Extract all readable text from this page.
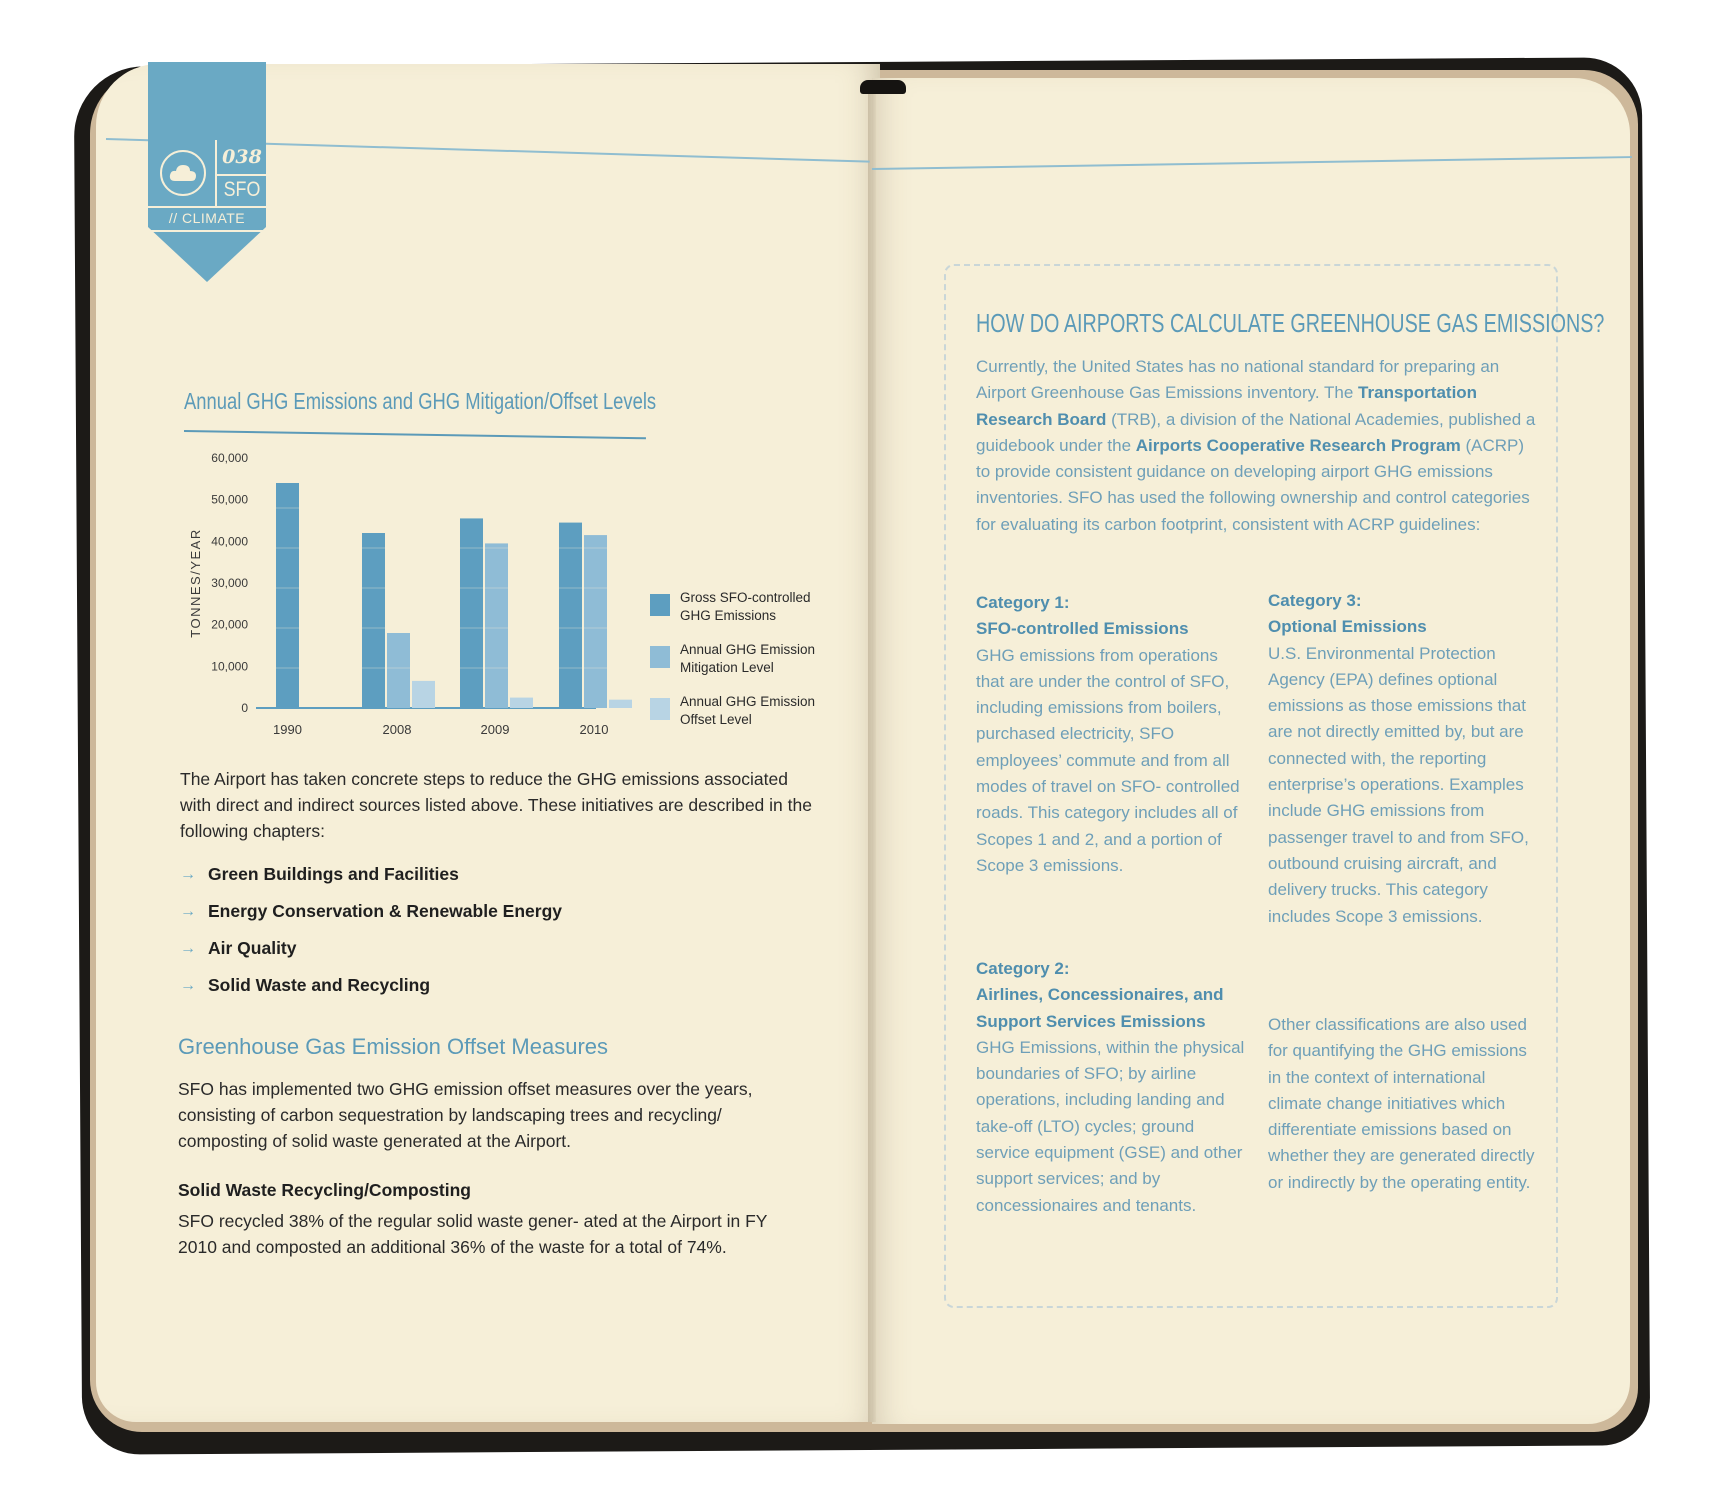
038
SFO
// CLIMATE
Annual GHG Emissions and GHG Mitigation/Offset Levels
60,000
50,000
40,000
30,000
20,000
10,000
0
TONNES/YEAR
1990	2008	2009	2010
Gross SFO-controlled
GHG Emissions
Annual GHG Emission
Mitigation Level
Annual GHG Emission
Offset Level
The Airport has taken concrete steps to reduce the GHG emissions associated with direct and indirect sources listed above. These initiatives are described in the following chapters:
→ Green Buildings and Facilities
→ Energy Conservation & Renewable Energy
→ Air Quality
→ Solid Waste and Recycling
Greenhouse Gas Emission Offset Measures
SFO has implemented two GHG emission offset measures over the years, consisting of carbon sequestration by landscaping trees and recycling/ composting of solid waste generated at the Airport.
Solid Waste Recycling/Composting
SFO recycled 38% of the regular solid waste gener- ated at the Airport in FY 2010 and composted an additional 36% of the waste for a total of 74%.
HOW DO AIRPORTS CALCULATE GREENHOUSE GAS EMISSIONS?
Currently, the United States has no national standard for preparing an Airport Greenhouse Gas Emissions inventory. The Transportation Research Board (TRB), a division of the National Academies, published a guidebook under the Airports Cooperative Research Program (ACRP) to provide consistent guidance on developing airport GHG emissions inventories. SFO has used the following ownership and control categories for evaluating its carbon footprint, consistent with ACRP guidelines:
Category 1:
SFO-controlled Emissions
GHG emissions from operations that are under the control of SFO, including emissions from boilers, purchased electricity, SFO employees’ commute and from all modes of travel on SFO- controlled roads. This category includes all of Scopes 1 and 2, and a portion of Scope 3 emissions.
Category 2:
Airlines, Concessionaires, and Support Services Emissions
GHG Emissions, within the physical boundaries of SFO; by airline operations, including landing and take-off (LTO) cycles; ground service equipment (GSE) and other support services; and by concessionaires and tenants.
Category 3:
Optional Emissions
U.S. Environmental Protection Agency (EPA) defines optional emissions as those emissions that are not directly emitted by, but are connected with, the reporting enterprise’s operations. Examples include GHG emissions from passenger travel to and from SFO, outbound cruising aircraft, and delivery trucks. This category includes Scope 3 emissions.
Other classifications are also used for quantifying the GHG emissions in the context of international climate change initiatives which differentiate emissions based on whether they are generated directly or indirectly by the operating entity.
